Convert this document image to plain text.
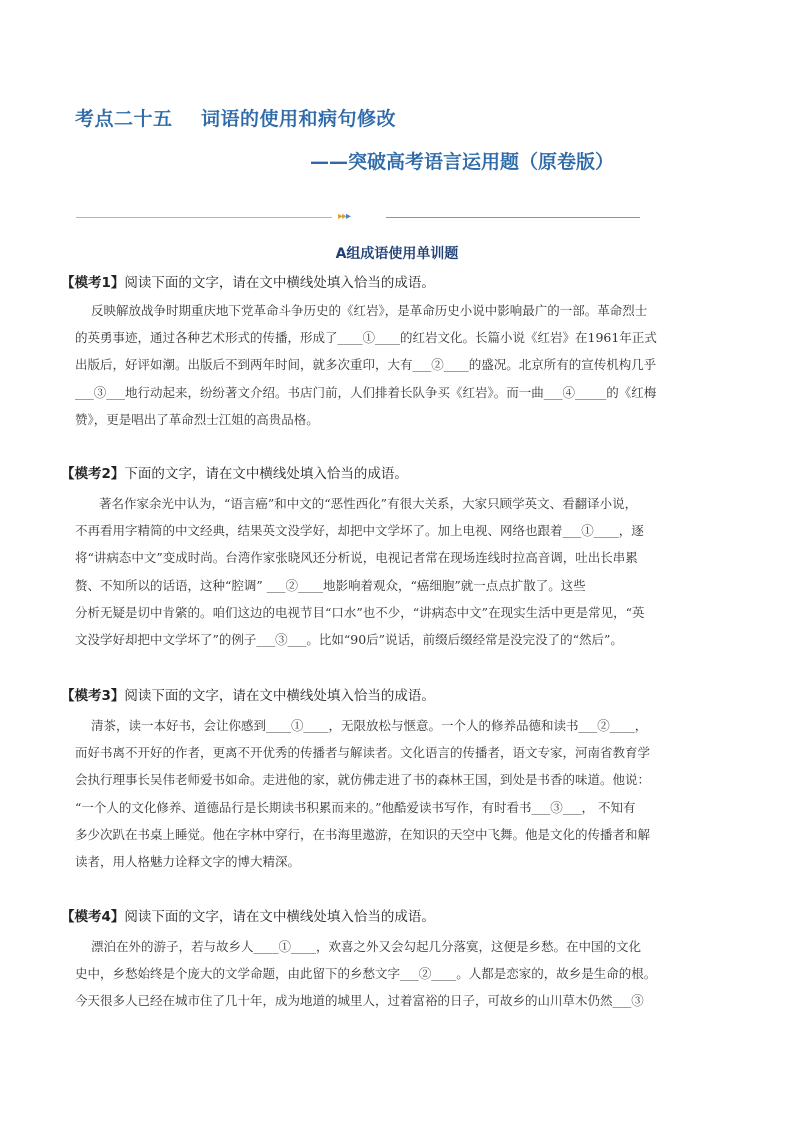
考点二十五    词语的使用和病句修改
——突破高考语言运用题（原卷版）
▸▸▸
A组成语使用单训题
【模考1】阅读下面的文字，请在文中横线处填入恰当的成语。
反映解放战争时期重庆地下党革命斗争历史的《红岩》，是革命历史小说中影响最广的一部。革命烈士
的英勇事迹，通过各种艺术形式的传播，形成了____①____的红岩文化。长篇小说《红岩》在1961年正式
出版后，好评如潮。出版后不到两年时间，就多次重印，大有___②____的盛况。北京所有的宣传机构几乎
___③___地行动起来，纷纷著文介绍。书店门前，人们排着长队争买《红岩》。而一曲___④_____的《红梅
赞》，更是唱出了革命烈士江姐的高贵品格。
【模考2】下面的文字，请在文中横线处填入恰当的成语。
著名作家余光中认为，“语言癌”和中文的“恶性西化”有很大关系，大家只顾学英文、看翻译小说，
不再看用字精简的中文经典，结果英文没学好，却把中文学坏了。加上电视、网络也跟着___①____，逐
将“讲病态中文”变成时尚。台湾作家张晓风还分析说，电视记者常在现场连线时拉高音调，吐出长串累
赘、不知所以的话语，这种“腔调” ___②____地影响着观众，“癌细胞”就一点点扩散了。这些
分析无疑是切中肯綮的。咱们这边的电视节目“口水”也不少，“讲病态中文”在现实生活中更是常见，“英
文没学好却把中文学坏了”的例子___③___。比如“90后”说话，前缀后缀经常是没完没了的“然后”。
【模考3】阅读下面的文字，请在文中横线处填入恰当的成语。
清茶，读一本好书，会让你感到____①____，无限放松与惬意。一个人的修养品德和读书___②____，
而好书离不开好的作者，更离不开优秀的传播者与解读者。文化语言的传播者，语文专家，河南省教育学
会执行理事长吴伟老师爱书如命。走进他的家，就仿佛走进了书的森林王国，到处是书香的味道。他说：
“一个人的文化修养、道德品行是长期读书积累而来的。”他酷爱读书写作，有时看书___③___， 不知有
多少次趴在书桌上睡觉。他在字林中穿行，在书海里遨游，在知识的天空中飞舞。他是文化的传播者和解
读者，用人格魅力诠释文字的博大精深。
【模考4】阅读下面的文字，请在文中横线处填入恰当的成语。
漂泊在外的游子，若与故乡人____①____，欢喜之外又会勾起几分落寞，这便是乡愁。在中国的文化
史中，乡愁始终是个庞大的文学命题，由此留下的乡愁文字___②____。人都是恋家的，故乡是生命的根。
今天很多人已经在城市住了几十年，成为地道的城里人，过着富裕的日子，可故乡的山川草木仍然___③
